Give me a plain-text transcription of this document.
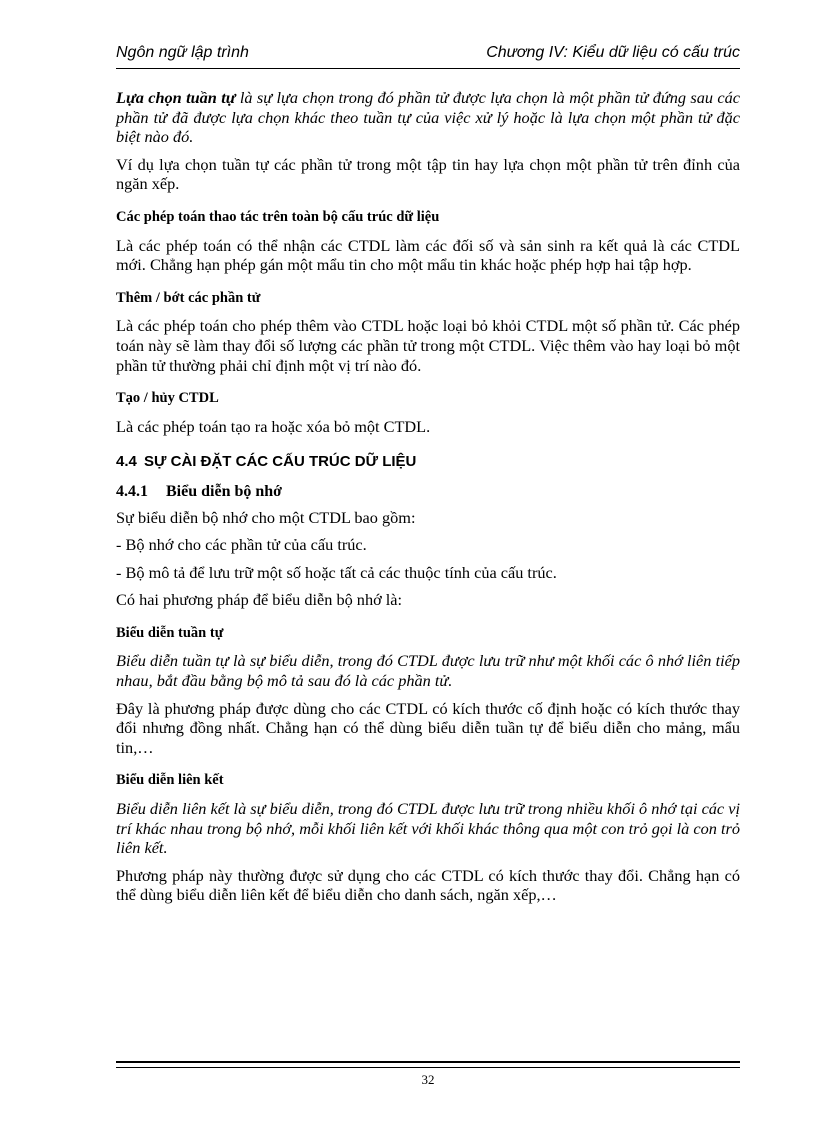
Ngôn ngữ lập trình	Chương IV: Kiểu dữ liệu có cấu trúc

Lựa chọn tuần tự là sự lựa chọn trong đó phần tử được lựa chọn là một phần tử đứng sau các phần tử đã được lựa chọn khác theo tuần tự của việc xử lý hoặc là lựa chọn một phần tử đặc biệt nào đó.

Ví dụ lựa chọn tuần tự các phần tử trong một tập tin hay lựa chọn một phần tử trên đỉnh của ngăn xếp.

Các phép toán thao tác trên toàn bộ cấu trúc dữ liệu

Là các phép toán có thể nhận các CTDL làm các đối số và sản sinh ra kết quả là các CTDL mới. Chẳng hạn phép gán một mẩu tin cho một mẩu tin khác hoặc phép hợp hai tập hợp.

Thêm / bớt các phần tử

Là các phép toán cho phép thêm vào CTDL hoặc loại bỏ khỏi CTDL một số phần tử. Các phép toán này sẽ làm thay đổi số lượng các phần tử trong một CTDL. Việc thêm vào hay loại bỏ một phần tử thường phải chỉ định một vị trí nào đó.

Tạo / hủy CTDL

Là các phép toán tạo ra hoặc xóa bỏ một CTDL.

4.4 SỰ CÀI ĐẶT CÁC CẤU TRÚC DỮ LIỆU
4.4.1 Biểu diễn bộ nhớ
Sự biểu diễn bộ nhớ cho một CTDL bao gồm:
- Bộ nhớ cho các phần tử của cấu trúc.
- Bộ mô tả để lưu trữ một số hoặc tất cả các thuộc tính của cấu trúc.
Có hai phương pháp để biểu diễn bộ nhớ là:
Biểu diễn tuần tự

Biểu diễn tuần tự là sự biểu diễn, trong đó CTDL được lưu trữ như một khối các ô nhớ liên tiếp nhau, bắt đầu bằng bộ mô tả sau đó là các phần tử.

Đây là phương pháp được dùng cho các CTDL có kích thước cố định hoặc có kích thước thay đổi nhưng đồng nhất. Chẳng hạn có thể dùng biểu diễn tuần tự để biểu diễn cho mảng, mẩu tin,…

Biểu diễn liên kết

Biểu diễn liên kết là sự biểu diễn, trong đó CTDL được lưu trữ trong nhiều khối ô nhớ tại các vị trí khác nhau trong bộ nhớ, mỗi khối liên kết với khối khác thông qua một con trỏ gọi là con trỏ liên kết.

Phương pháp này thường được sử dụng cho các CTDL có kích thước thay đổi. Chẳng hạn có thể dùng biểu diễn liên kết để biểu diễn cho danh sách, ngăn xếp,…

32
